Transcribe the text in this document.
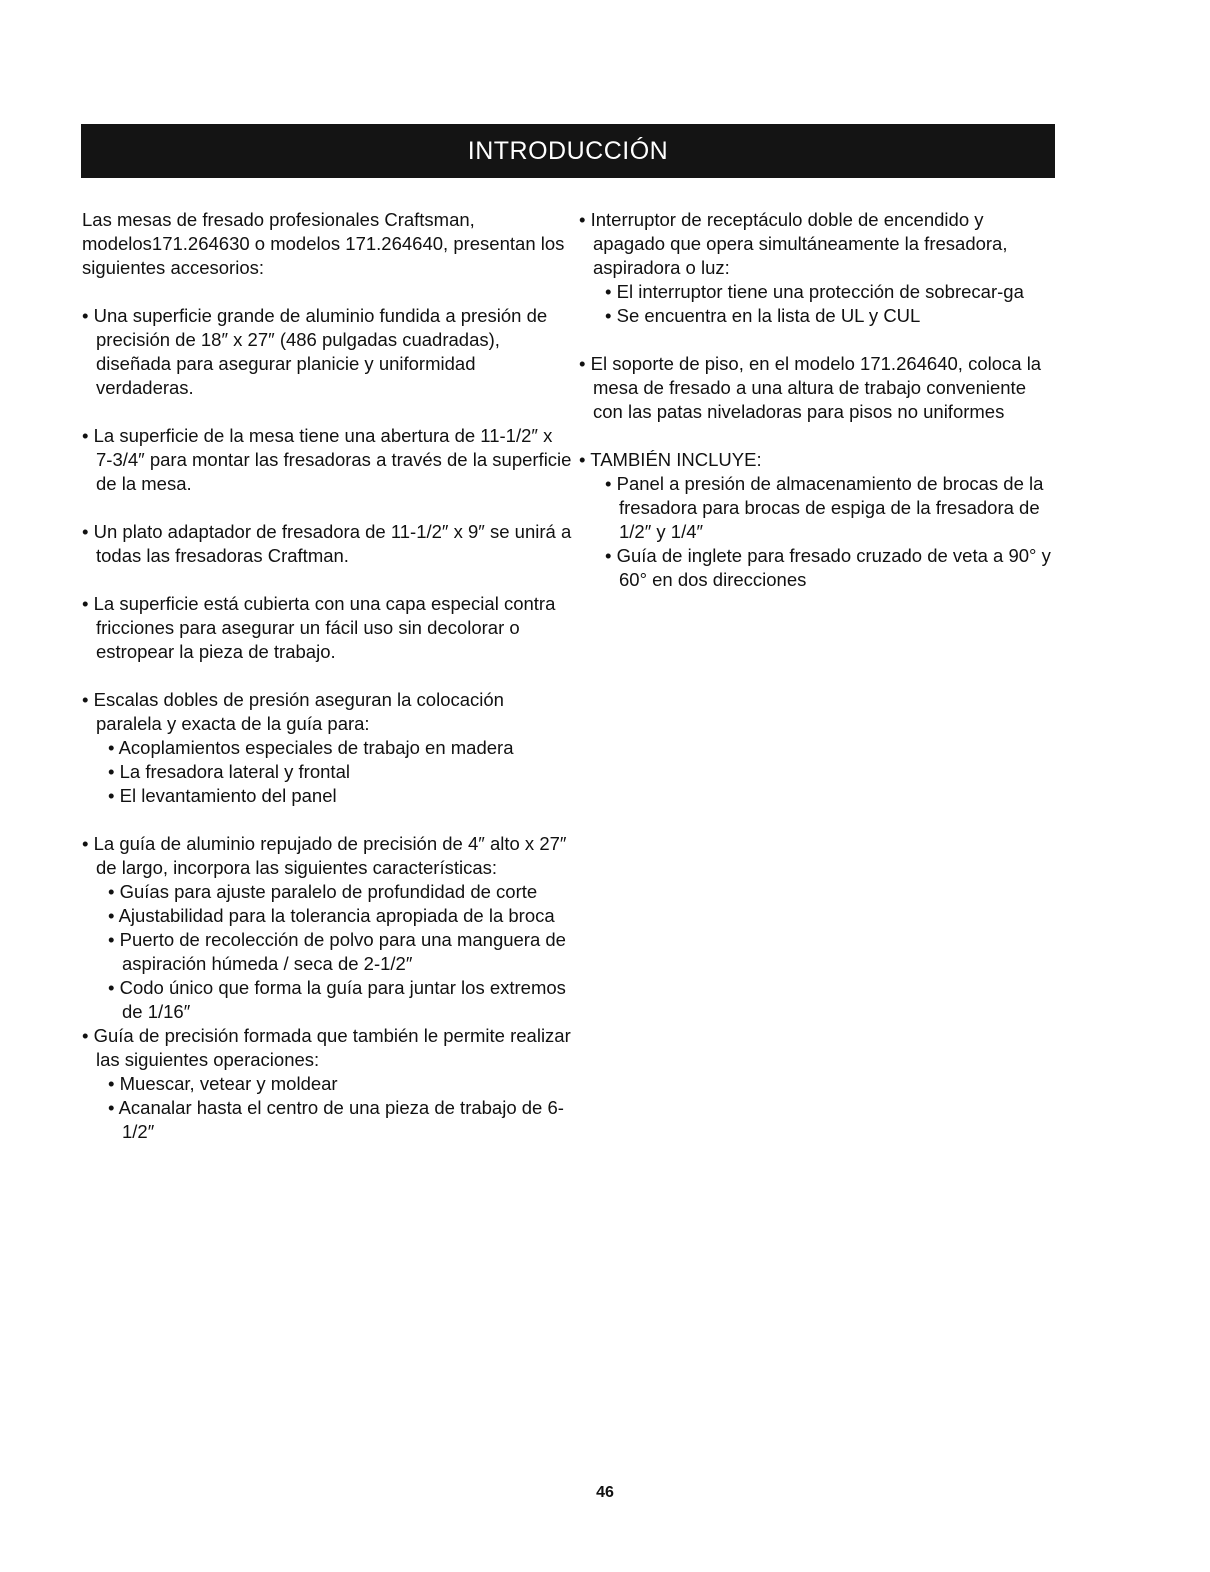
INTRODUCCIÓN

Las mesas de fresado profesionales Craftsman, modelos171.264630 o modelos 171.264640, presentan los siguientes accesorios:

• Una superficie grande de aluminio fundida a presión de precisión de 18″ x 27″ (486 pulgadas cuadradas), diseñada para asegurar planicie y uniformidad verdaderas.

• La superficie de la mesa tiene una abertura de 11-1/2″ x 7-3/4″ para montar las fresadoras a través de la superficie de la mesa.

• Un plato adaptador de fresadora de 11-1/2″ x 9″ se unirá a todas las fresadoras Craftman.

• La superficie está cubierta con una capa especial contra fricciones para asegurar un fácil uso sin decolorar o estropear la pieza de trabajo.

• Escalas dobles de presión aseguran la colocación paralela y exacta de la guía para:

• Acoplamientos especiales de trabajo en madera

• La fresadora lateral y frontal

• El levantamiento del panel

• La guía de aluminio repujado de precisión de 4″ alto x 27″ de largo, incorpora las siguientes características:

• Guías para ajuste paralelo de profundidad de corte

• Ajustabilidad para la tolerancia apropiada de la broca

• Puerto de recolección de polvo para una manguera de aspiración húmeda / seca de 2-1/2″

• Codo único que forma la guía para juntar los extremos de 1/16″

• Guía de precisión formada que también le permite realizar las siguientes operaciones:

• Muescar, vetear y moldear

• Acanalar hasta el centro de una pieza de trabajo de 6-1/2″

• Interruptor de receptáculo doble de encendido y apagado que opera simultáneamente la fresadora, aspiradora o luz:

• El interruptor tiene una protección de sobrecar-ga

• Se encuentra en la lista de UL y CUL

• El soporte de piso, en el modelo 171.264640, coloca la mesa de fresado a una altura de trabajo conveniente con las patas niveladoras para pisos no uniformes

• TAMBIÉN INCLUYE:

• Panel a presión de almacenamiento de brocas de la fresadora para brocas de espiga de la fresadora de 1/2″ y 1/4″

• Guía de inglete para fresado cruzado de veta a 90° y 60° en dos direcciones

46
